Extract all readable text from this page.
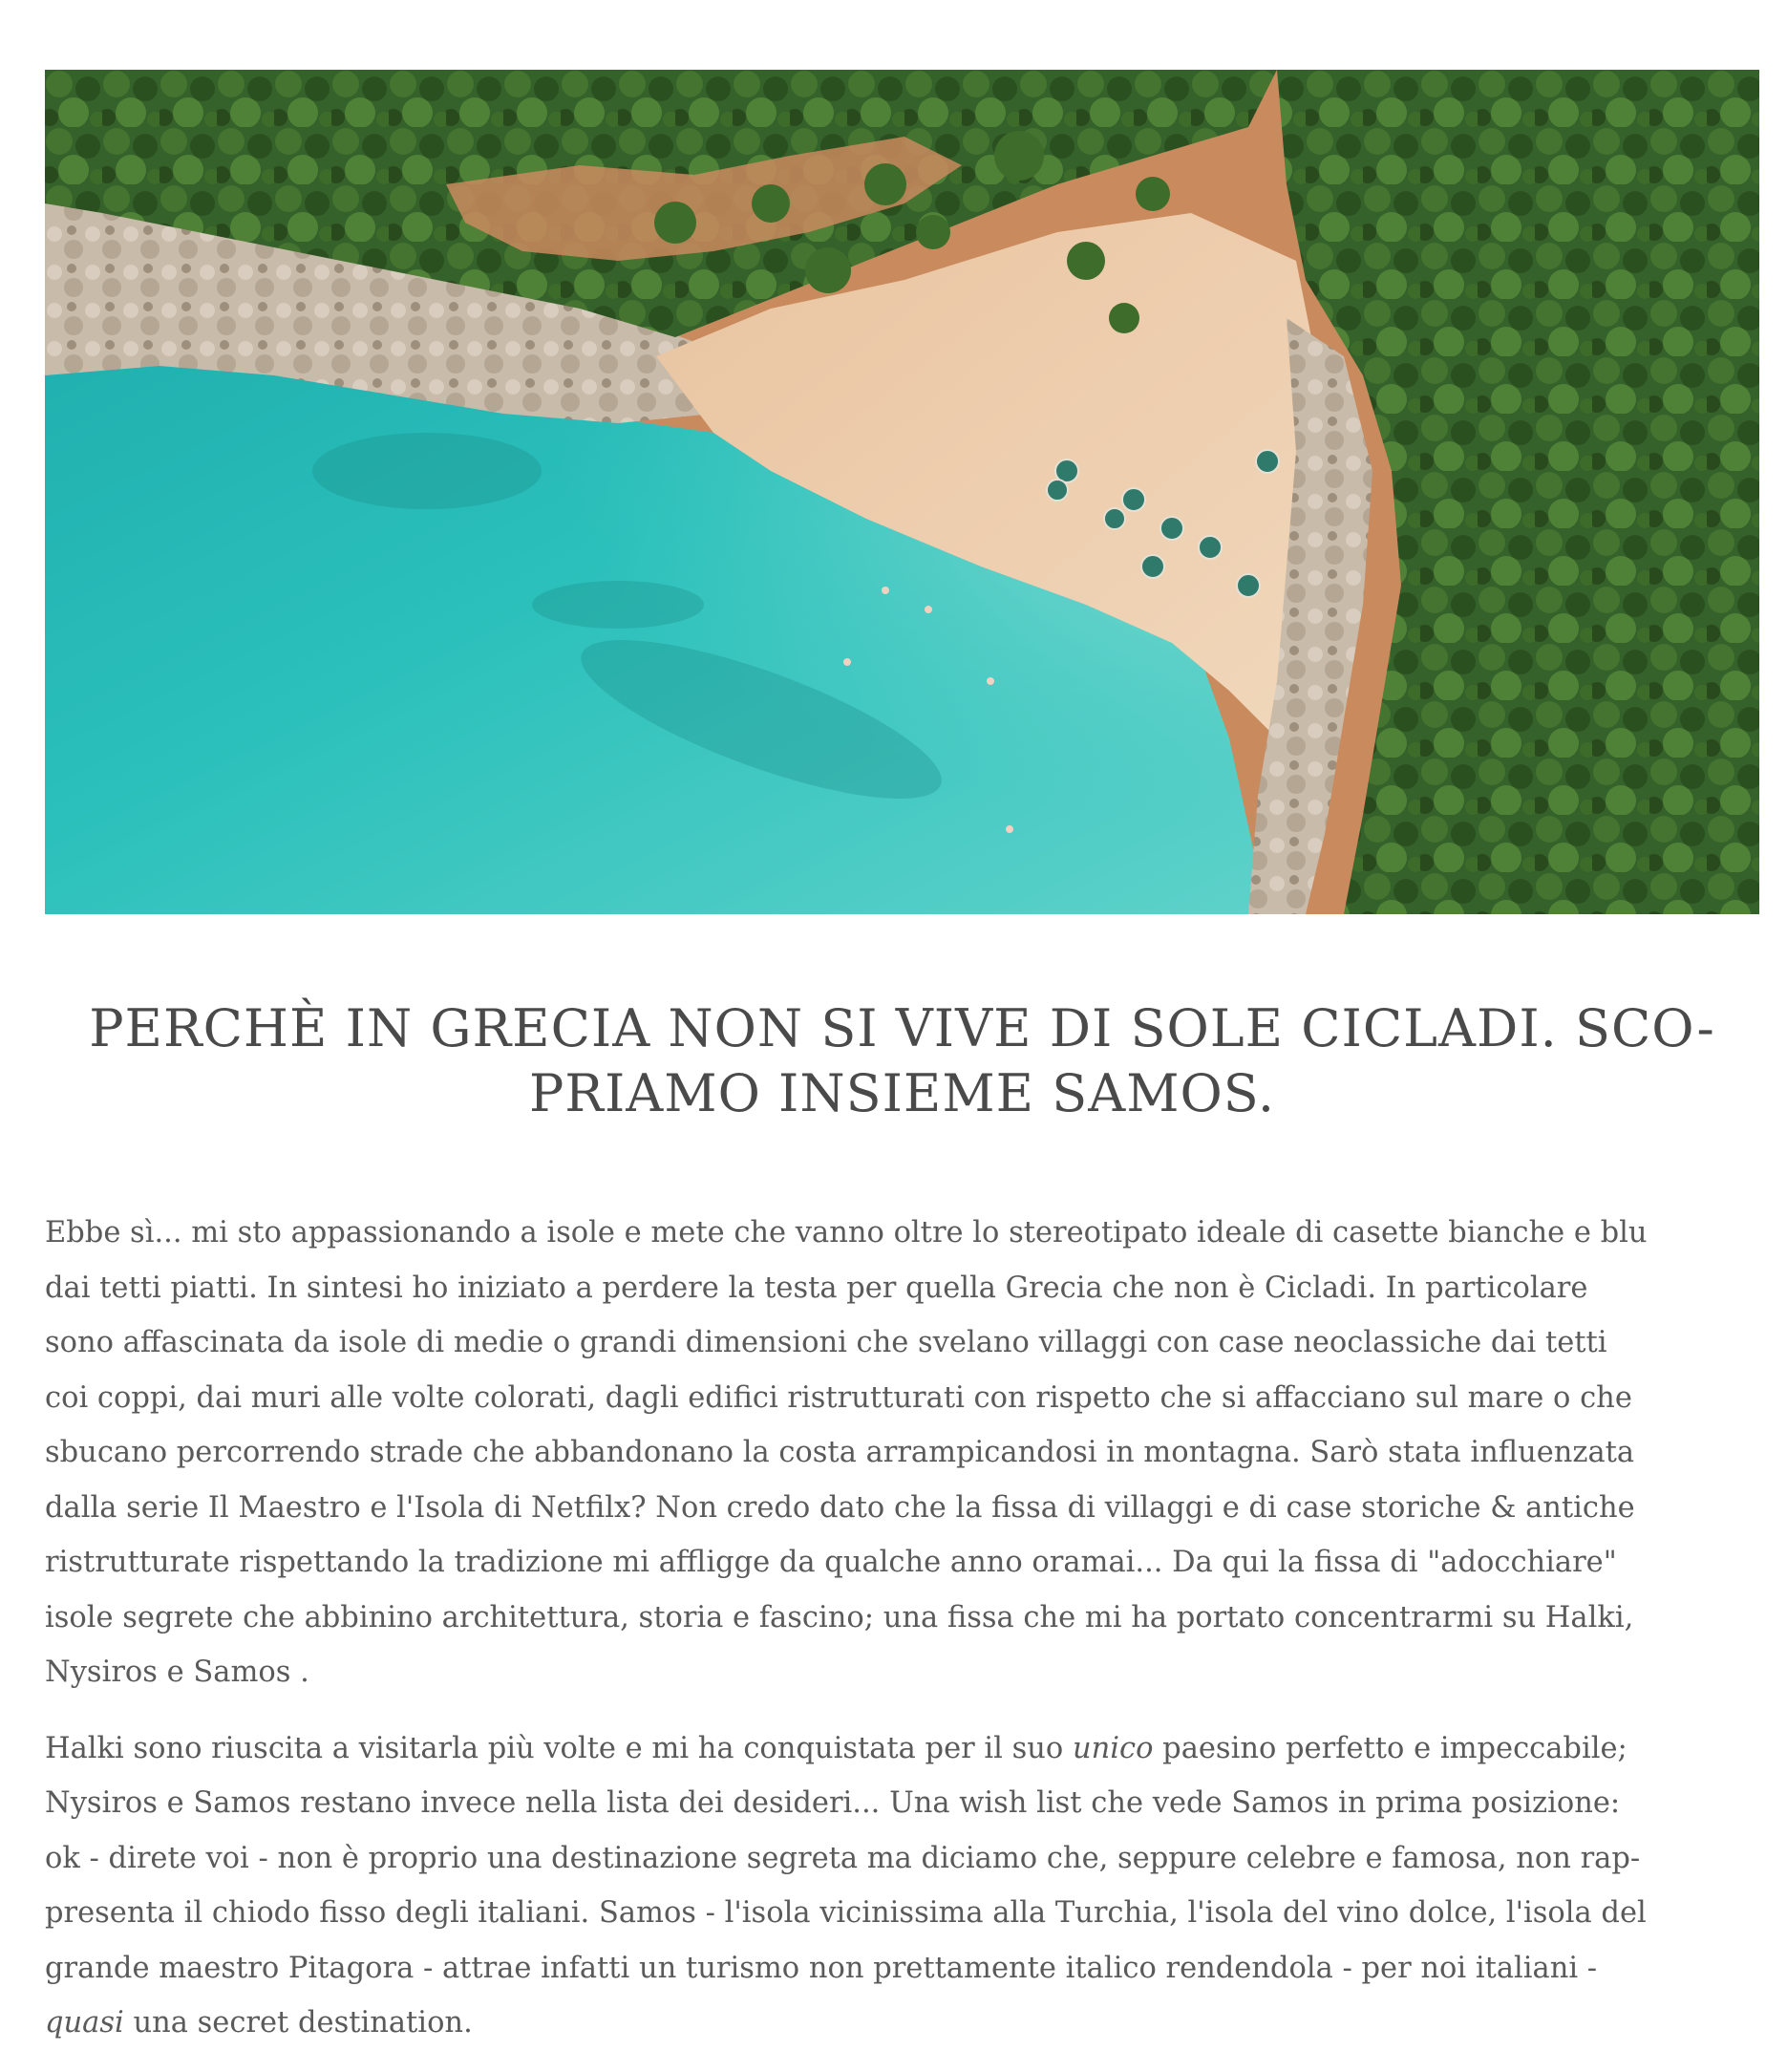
PERCHÈ IN GRECIA NON SI VIVE DI SOLE CICLADI. SCO-
PRIAMO INSIEME SAMOS.

Ebbe sì... mi sto appassionando a isole e mete che vanno oltre lo stereotipato ideale di casette bianche e blu
dai tetti piatti. In sintesi ho iniziato a perdere la testa per quella Grecia che non è Cicladi. In particolare
sono affascinata da isole di medie o grandi dimensioni che svelano villaggi con case neoclassiche dai tetti
coi coppi, dai muri alle volte colorati, dagli edifici ristrutturati con rispetto che si affacciano sul mare o che
sbucano percorrendo strade che abbandonano la costa arrampicandosi in montagna. Sarò stata influenzata
dalla serie Il Maestro e l'Isola di Netfilx? Non credo dato che la fissa di villaggi e di case storiche & antiche
ristrutturate rispettando la tradizione mi affligge da qualche anno oramai... Da qui la fissa di "adocchiare"
isole segrete che abbinino architettura, storia e fascino; una fissa che mi ha portato concentrarmi su Halki,
Nysiros e Samos .

Halki sono riuscita a visitarla più volte e mi ha conquistata per il suo unico paesino perfetto e impeccabile;
Nysiros e Samos restano invece nella lista dei desideri... Una wish list che vede Samos in prima posizione:
ok - direte voi - non è proprio una destinazione segreta ma diciamo che, seppure celebre e famosa, non rap-
presenta il chiodo fisso degli italiani. Samos - l'isola vicinissima alla Turchia, l'isola del vino dolce, l'isola del
grande maestro Pitagora - attrae infatti un turismo non prettamente italico rendendola - per noi italiani -
quasi una secret destination.
